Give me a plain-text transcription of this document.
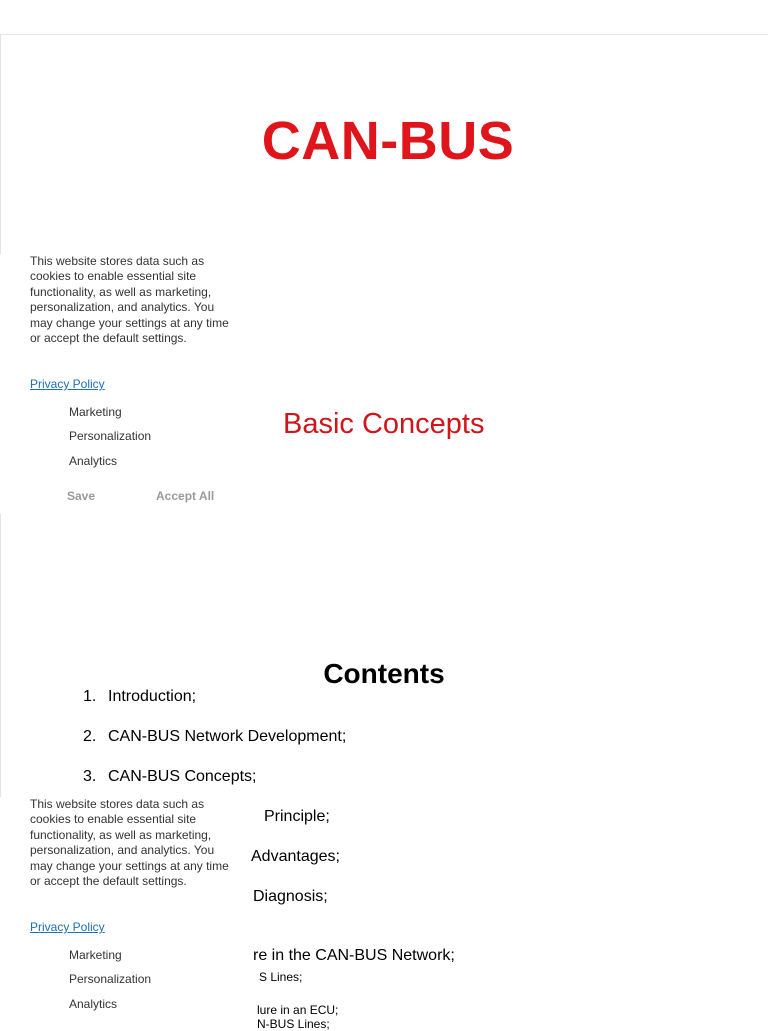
CAN-BUS
Basic Concepts
Contents
1. Introduction;
2. CAN-BUS Network Development;
3. CAN-BUS Concepts;
Principle;
Advantages;
Diagnosis;
re in the CAN-BUS Network;
S Lines;
lure in an ECU;
N-BUS Lines;

This website stores data such as cookies to enable essential site functionality, as well as marketing, personalization, and analytics. You may change your settings at any time or accept the default settings.

Privacy Policy
Marketing
Personalization
Analytics
Save	Accept All

This website stores data such as cookies to enable essential site functionality, as well as marketing, personalization, and analytics. You may change your settings at any time or accept the default settings.

Privacy Policy
Marketing
Personalization
Analytics
